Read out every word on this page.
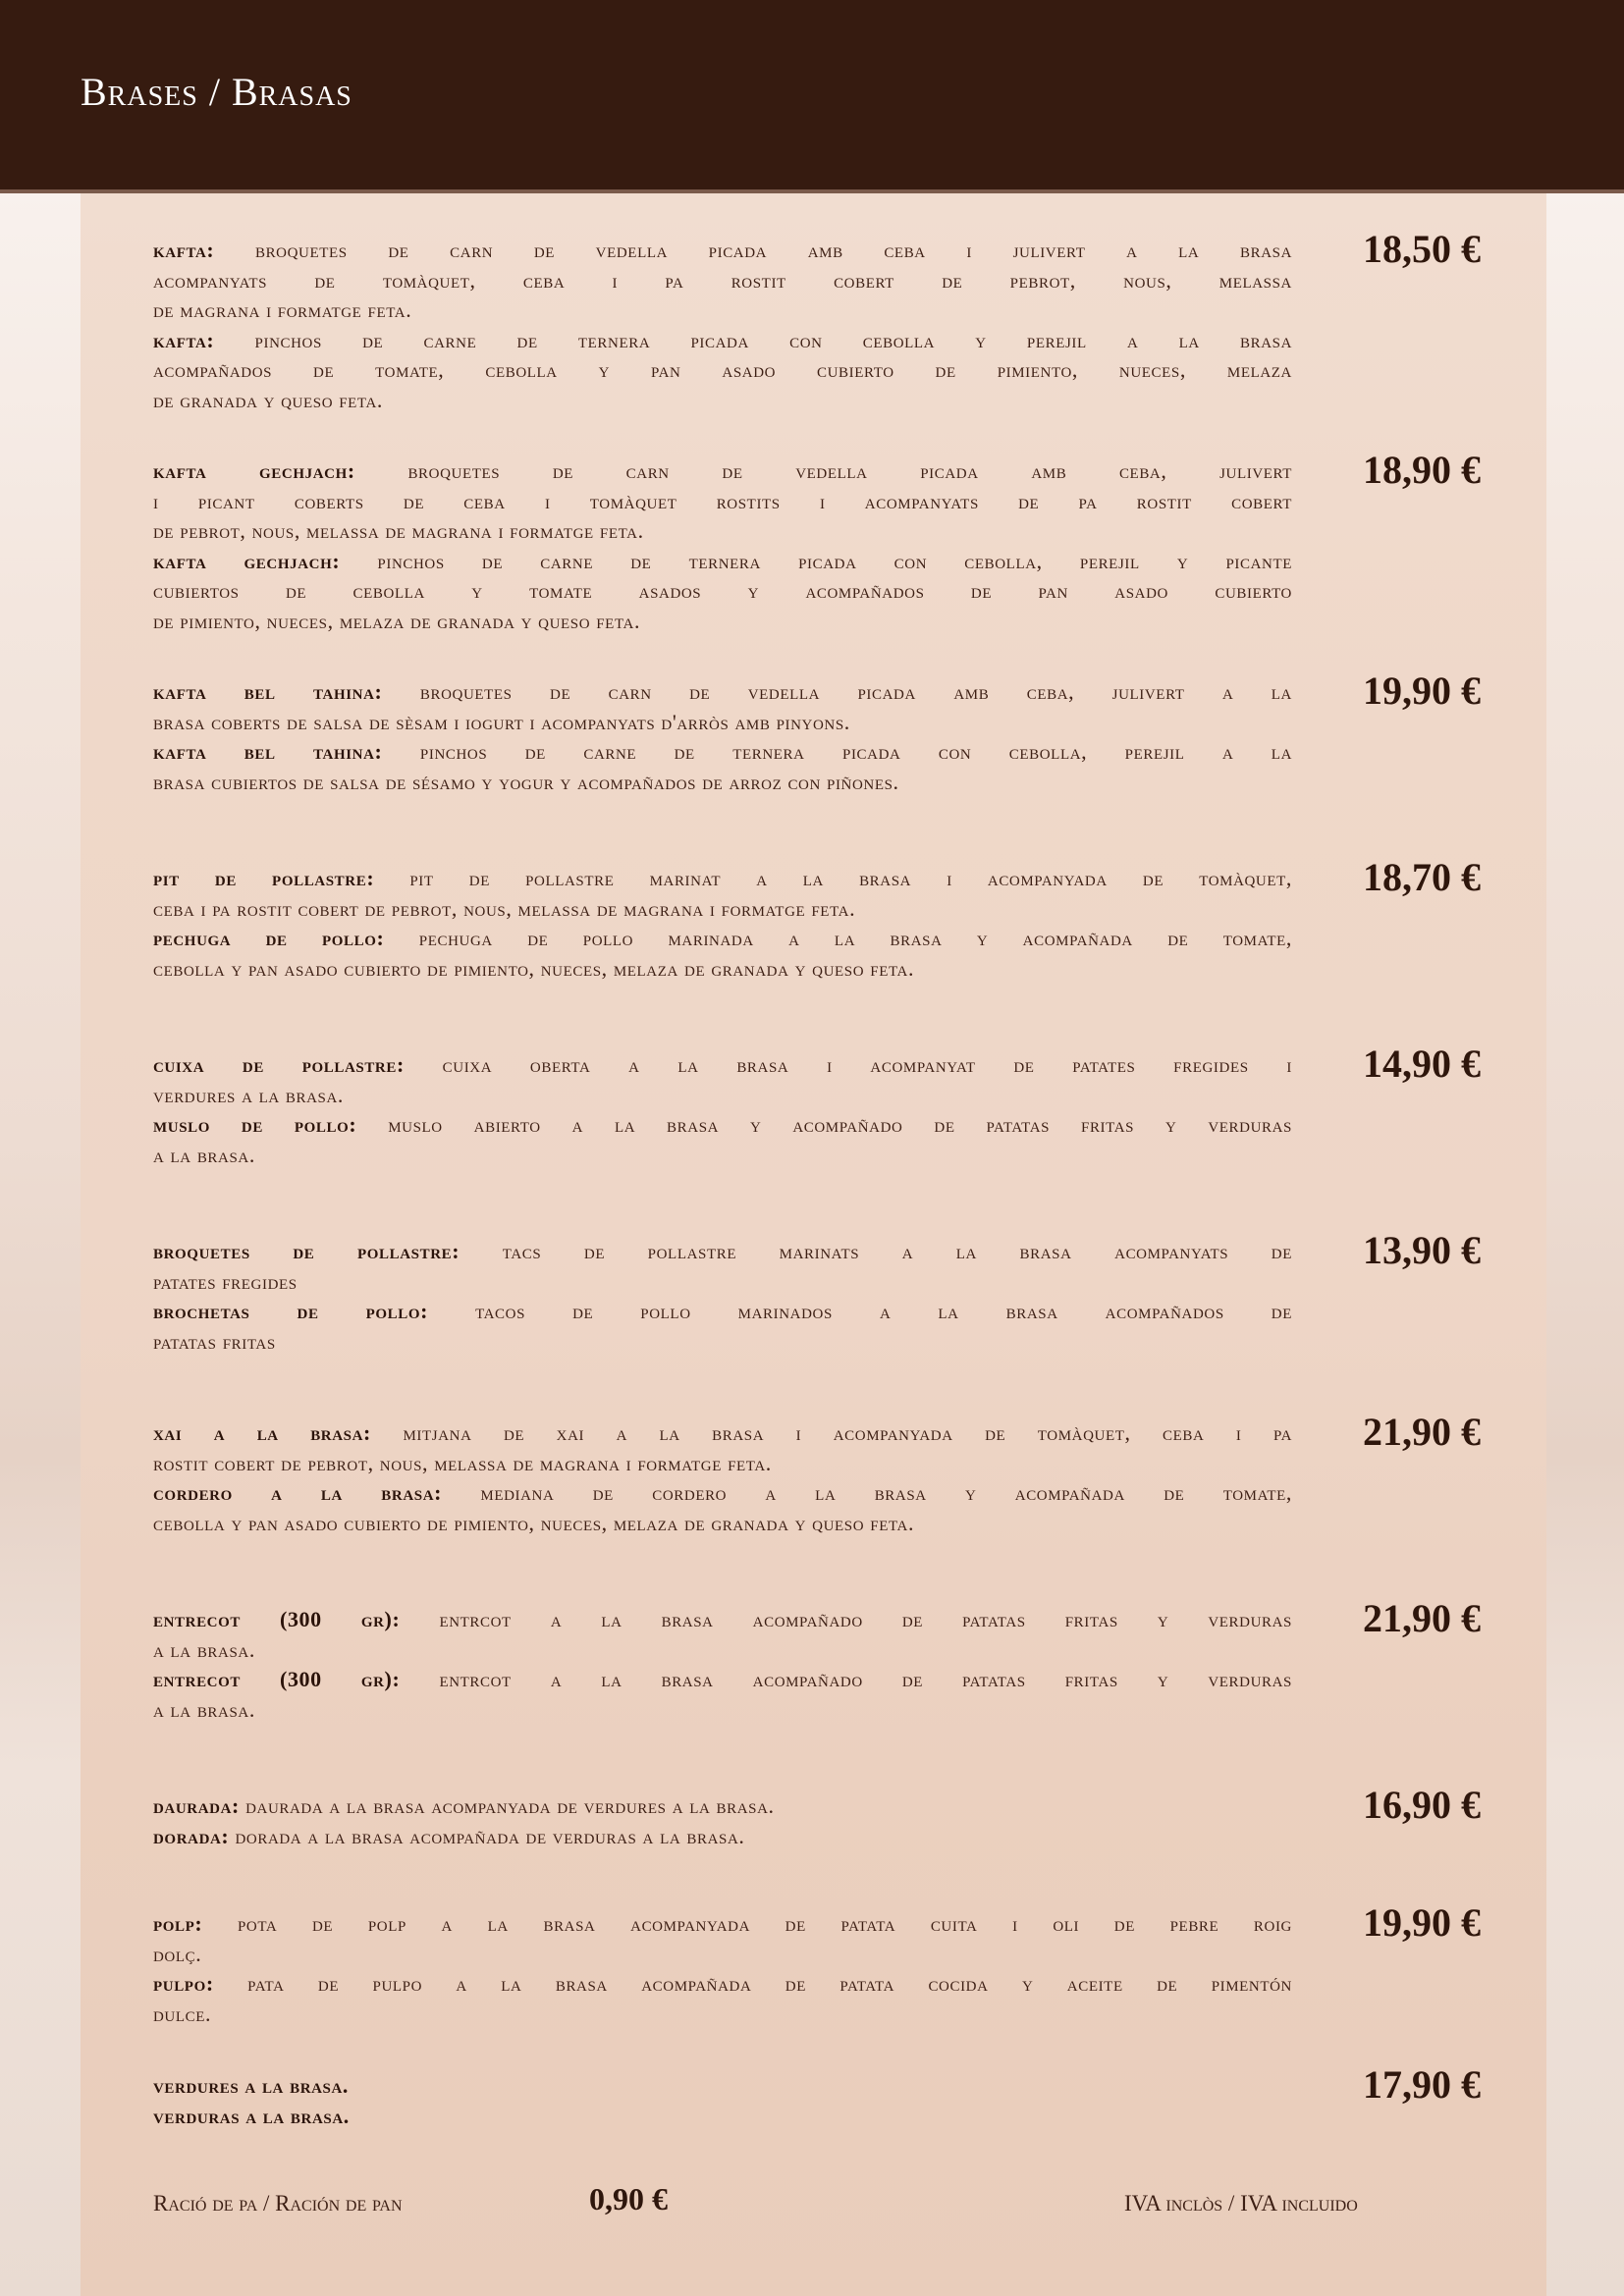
Brases / Brasas
kafta: broquetes de carn de vedella picada amb ceba i julivert a la brasa
acompanyats de tomàquet, ceba i pa rostit cobert de pebrot, nous, melassa
de magrana i formatge feta.
kafta: pinchos de carne de ternera picada con cebolla y perejil a la brasa
acompañados de tomate, cebolla y pan asado cubierto de pimiento, nueces, melaza
de granada y queso feta.
18,50 €
kafta gechjach: broquetes de carn de vedella picada amb ceba, julivert
i picant coberts de ceba i tomàquet rostits i acompanyats de pa rostit cobert
de pebrot, nous, melassa de magrana i formatge feta.
kafta gechjach: pinchos de carne de ternera picada con cebolla, perejil y picante
cubiertos de cebolla y tomate asados y acompañados de pan asado cubierto
de pimiento, nueces, melaza de granada y queso feta.
18,90 €
kafta bel tahina: broquetes de carn de vedella picada amb ceba, julivert a la
brasa coberts de salsa de sèsam i iogurt i acompanyats d'arròs amb pinyons.
kafta bel tahina: pinchos de carne de ternera picada con cebolla, perejil a la
brasa cubiertos de salsa de sésamo y yogur y acompañados de arroz con piñones.
19,90 €
pit de pollastre: pit de pollastre marinat a la brasa i acompanyada de tomàquet,
ceba i pa rostit cobert de pebrot, nous, melassa de magrana i formatge feta.
pechuga de pollo: pechuga de pollo marinada a la brasa y acompañada de tomate,
cebolla y pan asado cubierto de pimiento, nueces, melaza de granada y queso feta.
18,70 €
cuixa de pollastre: cuixa oberta a la brasa i acompanyat de patates fregides i
verdures a la brasa.
muslo de pollo: muslo abierto a la brasa y acompañado de patatas fritas y verduras
a la brasa.
14,90 €
broquetes de pollastre: tacs de pollastre marinats a la brasa acompanyats de
patates fregides
brochetas de pollo: tacos de pollo marinados a la brasa acompañados de
patatas fritas
13,90 €
xai a la brasa: mitjana de xai a la brasa i acompanyada de tomàquet, ceba i pa
rostit cobert de pebrot, nous, melassa de magrana i formatge feta.
cordero a la brasa: mediana de cordero a la brasa y acompañada de tomate,
cebolla y pan asado cubierto de pimiento, nueces, melaza de granada y queso feta.
21,90 €
entrecot (300 gr): entrcot a la brasa acompañado de patatas fritas y verduras
a la brasa.
entrecot (300 gr): entrcot a la brasa acompañado de patatas fritas y verduras
a la brasa.
21,90 €
daurada: daurada a la brasa acompanyada de verdures a la brasa.
dorada: dorada a la brasa acompañada de verduras a la brasa.
16,90 €
polp: pota de polp a la brasa acompanyada de patata cuita i oli de pebre roig
dolç.
pulpo: pata de pulpo a la brasa acompañada de patata cocida y aceite de pimentón
dulce.
19,90 €
verdures a la brasa.
verduras a la brasa.
17,90 €
Ració de pa / Ración de pan	0,90 €	IVA inclòs / IVA incluido
